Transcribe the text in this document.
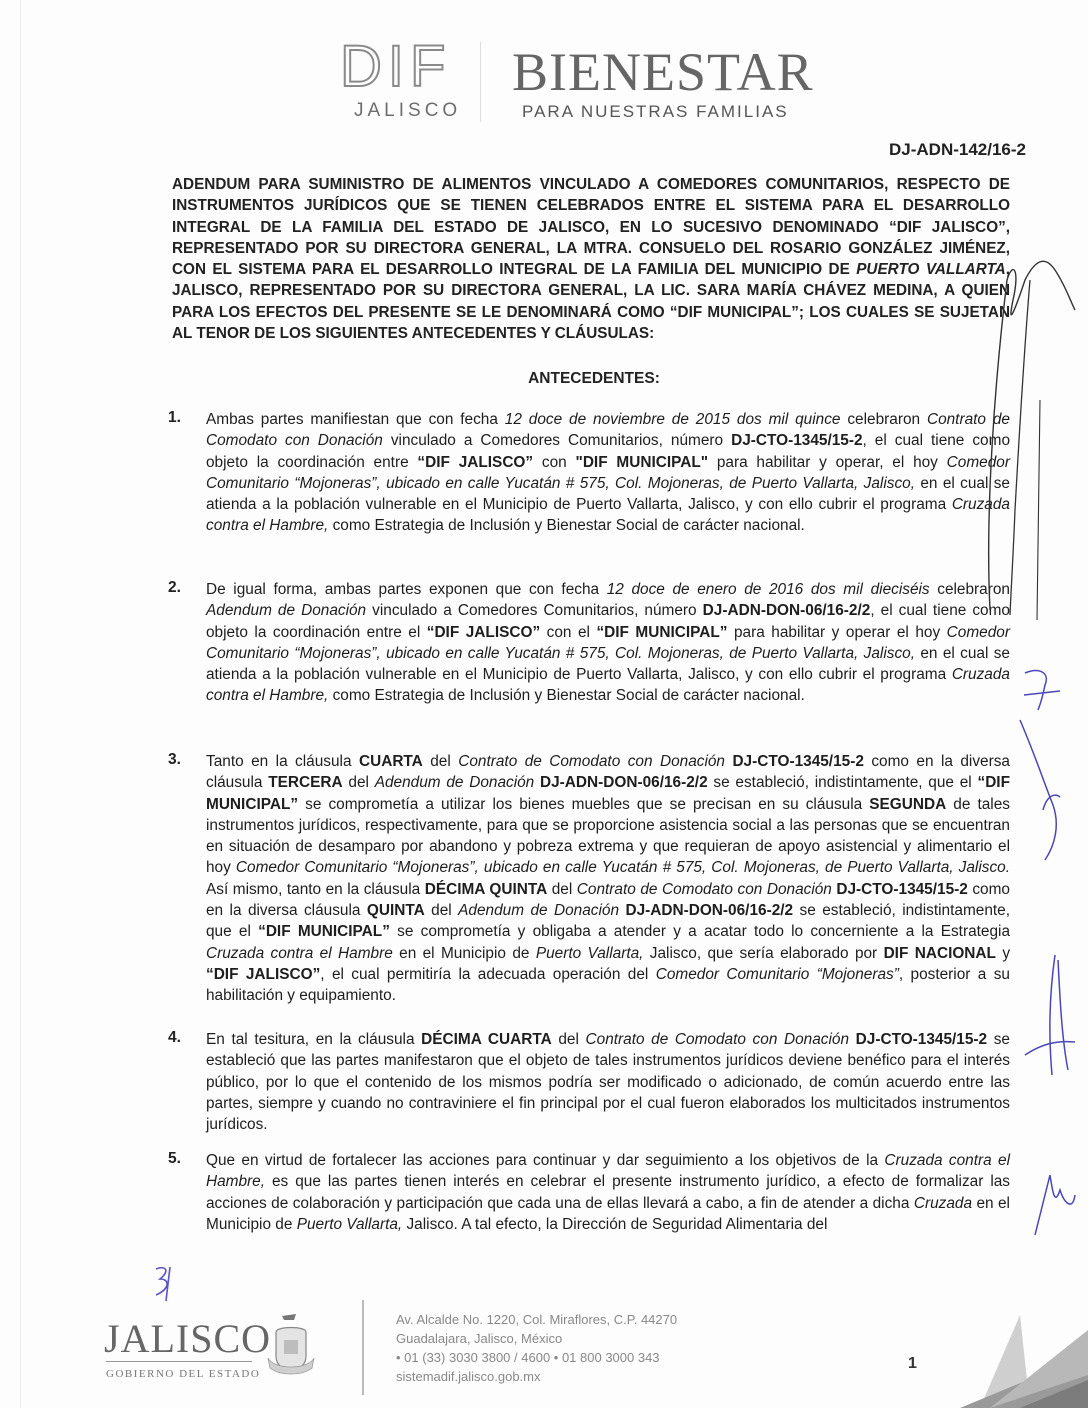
DIF
JALISCO
BIENESTAR
PARA NUESTRAS FAMILIAS
DJ-ADN-142/16-2

ADENDUM PARA SUMINISTRO DE ALIMENTOS VINCULADO A COMEDORES COMUNITARIOS, RESPECTO DE INSTRUMENTOS JURÍDICOS QUE SE TIENEN CELEBRADOS ENTRE EL SISTEMA PARA EL DESARROLLO INTEGRAL DE LA FAMILIA DEL ESTADO DE JALISCO, EN LO SUCESIVO DENOMINADO “DIF JALISCO”, REPRESENTADO POR SU DIRECTORA GENERAL, LA MTRA. CONSUELO DEL ROSARIO GONZÁLEZ JIMÉNEZ, CON EL SISTEMA PARA EL DESARROLLO INTEGRAL DE LA FAMILIA DEL MUNICIPIO DE PUERTO VALLARTA, JALISCO, REPRESENTADO POR SU DIRECTORA GENERAL, LA LIC. SARA MARÍA CHÁVEZ MEDINA, A QUIEN PARA LOS EFECTOS DEL PRESENTE SE LE DENOMINARÁ COMO “DIF MUNICIPAL”; LOS CUALES SE SUJETAN AL TENOR DE LOS SIGUIENTES ANTECEDENTES Y CLÁUSULAS:

ANTECEDENTES:
1. Ambas partes manifiestan que con fecha 12 doce de noviembre de 2015 dos mil quince celebraron Contrato de Comodato con Donación vinculado a Comedores Comunitarios, número DJ-CTO-1345/15-2, el cual tiene como objeto la coordinación entre “DIF JALISCO” con "DIF MUNICIPAL" para habilitar y operar, el hoy Comedor Comunitario “Mojoneras”, ubicado en calle Yucatán # 575, Col. Mojoneras, de Puerto Vallarta, Jalisco, en el cual se atienda a la población vulnerable en el Municipio de Puerto Vallarta, Jalisco, y con ello cubrir el programa Cruzada contra el Hambre, como Estrategia de Inclusión y Bienestar Social de carácter nacional.

2. De igual forma, ambas partes exponen que con fecha 12 doce de enero de 2016 dos mil dieciséis celebraron Adendum de Donación vinculado a Comedores Comunitarios, número DJ-ADN-DON-06/16-2/2, el cual tiene como objeto la coordinación entre el “DIF JALISCO” con el “DIF MUNICIPAL” para habilitar y operar el hoy Comedor Comunitario “Mojoneras”, ubicado en calle Yucatán # 575, Col. Mojoneras, de Puerto Vallarta, Jalisco, en el cual se atienda a la población vulnerable en el Municipio de Puerto Vallarta, Jalisco, y con ello cubrir el programa Cruzada contra el Hambre, como Estrategia de Inclusión y Bienestar Social de carácter nacional.

3. Tanto en la cláusula CUARTA del Contrato de Comodato con Donación DJ-CTO-1345/15-2 como en la diversa cláusula TERCERA del Adendum de Donación DJ-ADN-DON-06/16-2/2 se estableció, indistintamente, que el “DIF MUNICIPAL” se comprometía a utilizar los bienes muebles que se precisan en su cláusula SEGUNDA de tales instrumentos jurídicos, respectivamente, para que se proporcione asistencia social a las personas que se encuentran en situación de desamparo por abandono y pobreza extrema y que requieran de apoyo asistencial y alimentario el hoy Comedor Comunitario “Mojoneras”, ubicado en calle Yucatán # 575, Col. Mojoneras, de Puerto Vallarta, Jalisco. Así mismo, tanto en la cláusula DÉCIMA QUINTA del Contrato de Comodato con Donación DJ-CTO-1345/15-2 como en la diversa cláusula QUINTA del Adendum de Donación DJ-ADN-DON-06/16-2/2 se estableció, indistintamente, que el “DIF MUNICIPAL” se comprometía y obligaba a atender y a acatar todo lo concerniente a la Estrategia Cruzada contra el Hambre en el Municipio de Puerto Vallarta, Jalisco, que sería elaborado por DIF NACIONAL y “DIF JALISCO”, el cual permitiría la adecuada operación del Comedor Comunitario “Mojoneras”, posterior a su habilitación y equipamiento.

4. En tal tesitura, en la cláusula DÉCIMA CUARTA del Contrato de Comodato con Donación DJ-CTO-1345/15-2 se estableció que las partes manifestaron que el objeto de tales instrumentos jurídicos deviene benéfico para el interés público, por lo que el contenido de los mismos podría ser modificado o adicionado, de común acuerdo entre las partes, siempre y cuando no contraviniere el fin principal por el cual fueron elaborados los multicitados instrumentos jurídicos.

5. Que en virtud de fortalecer las acciones para continuar y dar seguimiento a los objetivos de la Cruzada contra el Hambre, es que las partes tienen interés en celebrar el presente instrumento jurídico, a efecto de formalizar las acciones de colaboración y participación que cada una de ellas llevará a cabo, a fin de atender a dicha Cruzada en el Municipio de Puerto Vallarta, Jalisco. A tal efecto, la Dirección de Seguridad Alimentaria del

JALISCO
GOBIERNO DEL ESTADO
Av. Alcalde No. 1220, Col. Miraflores, C.P. 44270
Guadalajara, Jalisco, México
• 01 (33) 3030 3800 / 4600 • 01 800 3000 343
sistemadif.jalisco.gob.mx
1
